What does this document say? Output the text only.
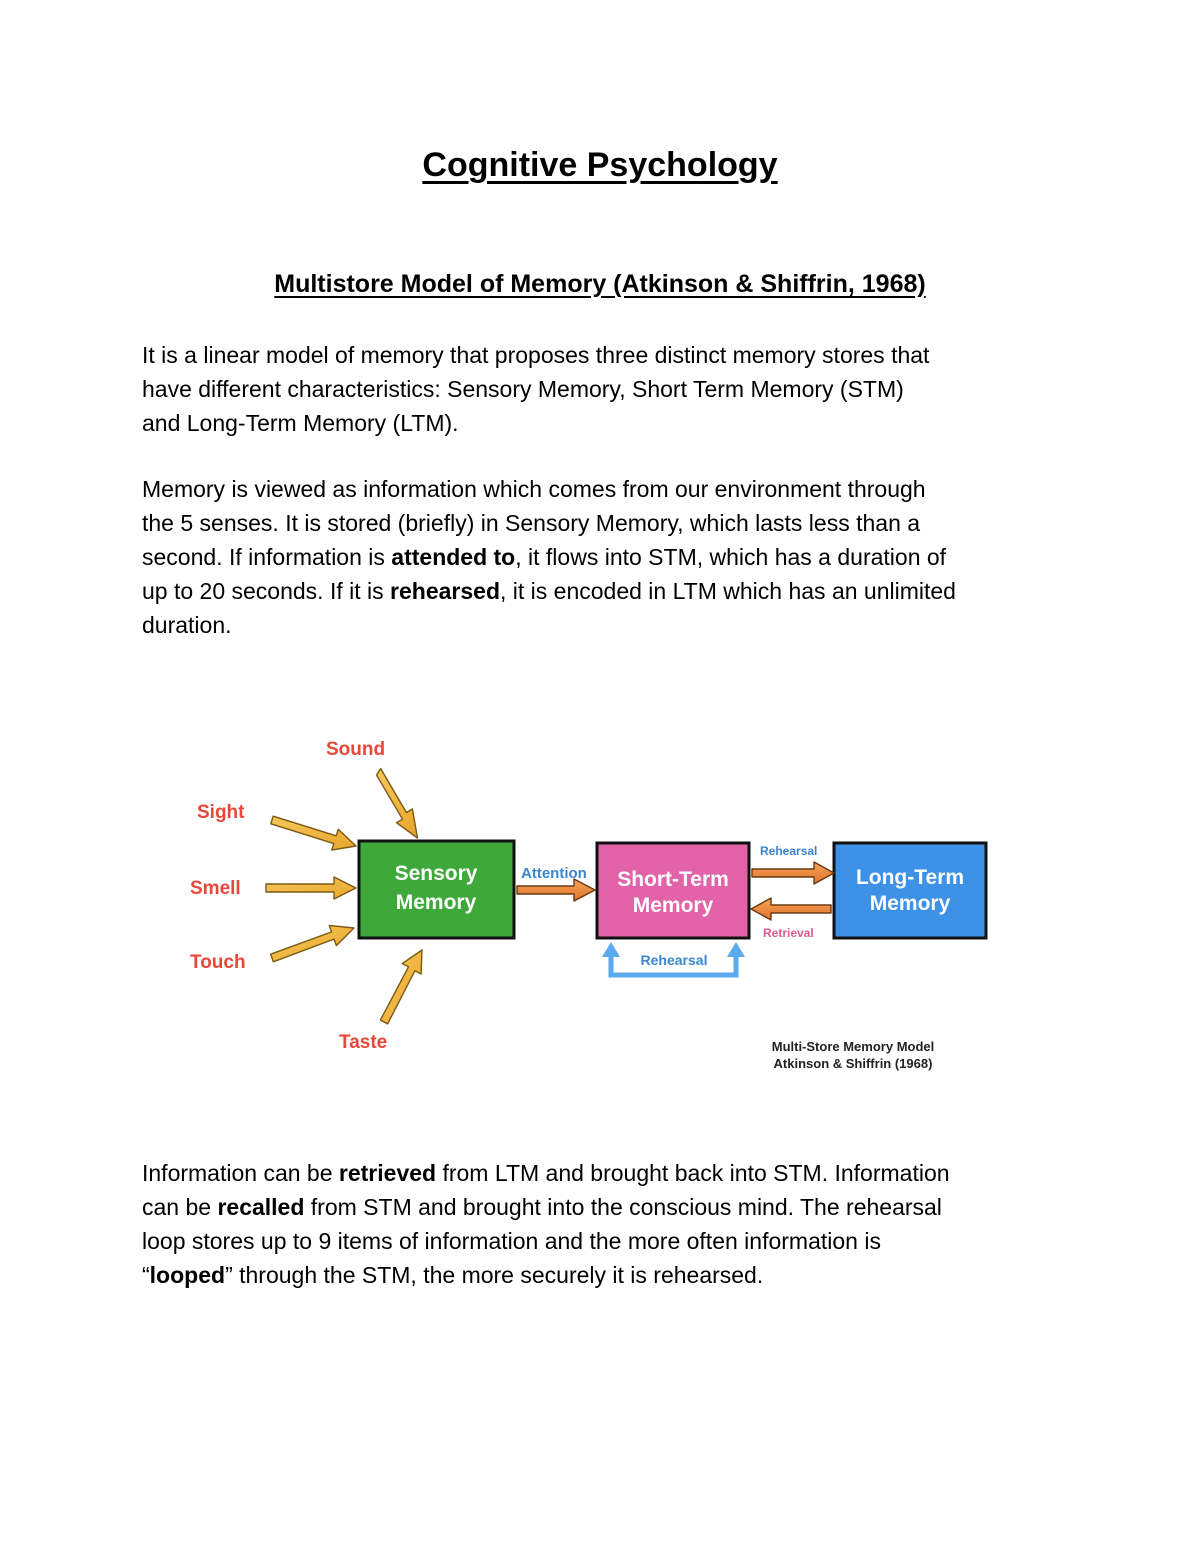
Cognitive Psychology
Multistore Model of Memory (Atkinson & Shiffrin, 1968)

It is a linear model of memory that proposes three distinct memory stores that
have different characteristics: Sensory Memory, Short Term Memory (STM)
and Long-Term Memory (LTM).

Memory is viewed as information which comes from our environment through
the 5 senses. It is stored (briefly) in Sensory Memory, which lasts less than a
second. If information is attended to, it flows into STM, which has a duration of
up to 20 seconds. If it is rehearsed, it is encoded in LTM which has an unlimited
duration.

Sound
Sight
Smell
Touch
Taste
Sensory
Memory
Short-Term
Memory
Long-Term
Memory
Attention
Rehearsal
Retrieval
Rehearsal
Multi-Store Memory Model
Atkinson & Shiffrin (1968)

Information can be retrieved from LTM and brought back into STM. Information
can be recalled from STM and brought into the conscious mind. The rehearsal
loop stores up to 9 items of information and the more often information is
“looped” through the STM, the more securely it is rehearsed.
